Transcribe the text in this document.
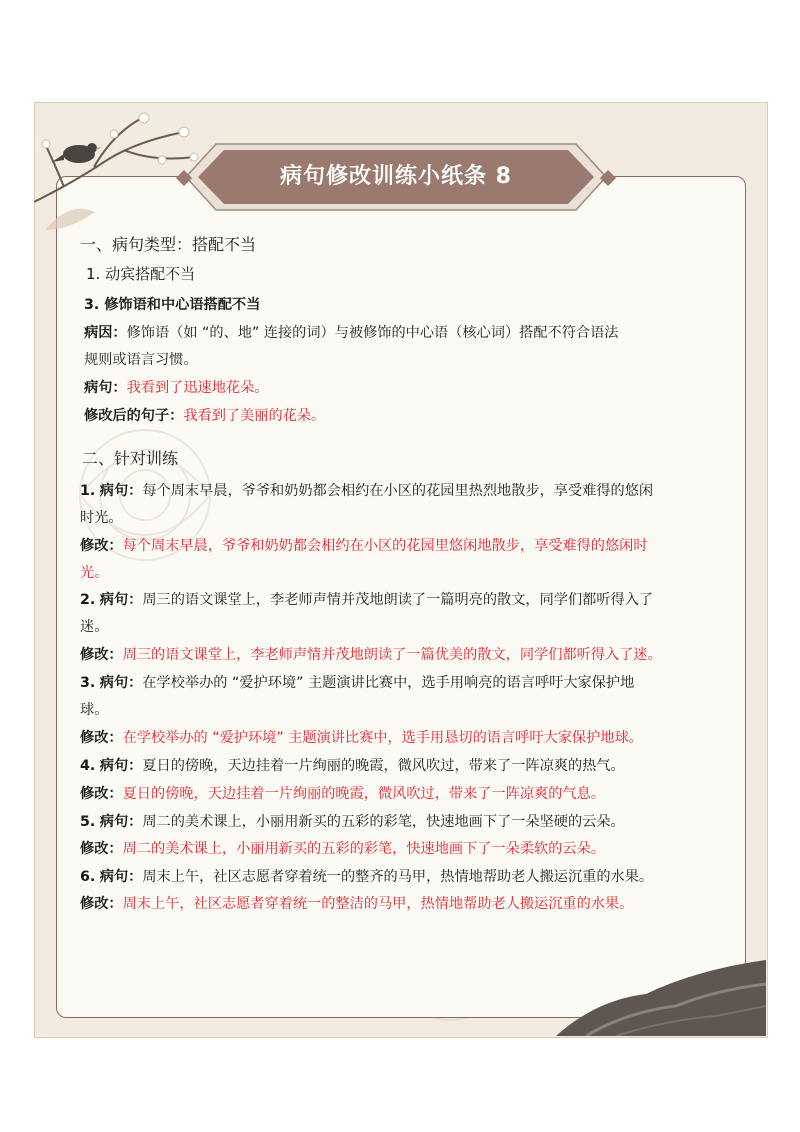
病句修改训练小纸条 8
一、病句类型：搭配不当
1. 动宾搭配不当
3. 修饰语和中心语搭配不当
病因：修饰语（如 “的、地” 连接的词）与被修饰的中心语（核心词）搭配不符合语法
规则或语言习惯。
病句：我看到了迅速地花朵。
修改后的句子：我看到了美丽的花朵。
二、针对训练
1. 病句：每个周末早晨，爷爷和奶奶都会相约在小区的花园里热烈地散步，享受难得的悠闲
时光。
修改：每个周末早晨，爷爷和奶奶都会相约在小区的花园里悠闲地散步，享受难得的悠闲时
光。
2. 病句：周三的语文课堂上，李老师声情并茂地朗读了一篇明亮的散文，同学们都听得入了
迷。
修改：周三的语文课堂上，李老师声情并茂地朗读了一篇优美的散文，同学们都听得入了迷。
3. 病句：在学校举办的 “爱护环境” 主题演讲比赛中，选手用响亮的语言呼吁大家保护地
球。
修改：在学校举办的 “爱护环境” 主题演讲比赛中，选手用恳切的语言呼吁大家保护地球。
4. 病句：夏日的傍晚，天边挂着一片绚丽的晚霞，微风吹过，带来了一阵凉爽的热气。
修改：夏日的傍晚，天边挂着一片绚丽的晚霞，微风吹过，带来了一阵凉爽的气息。
5. 病句：周二的美术课上，小丽用新买的五彩的彩笔，快速地画下了一朵坚硬的云朵。
修改：周二的美术课上，小丽用新买的五彩的彩笔，快速地画下了一朵柔软的云朵。
6. 病句：周末上午，社区志愿者穿着统一的整齐的马甲，热情地帮助老人搬运沉重的水果。
修改：周末上午，社区志愿者穿着统一的整洁的马甲，热情地帮助老人搬运沉重的水果。
